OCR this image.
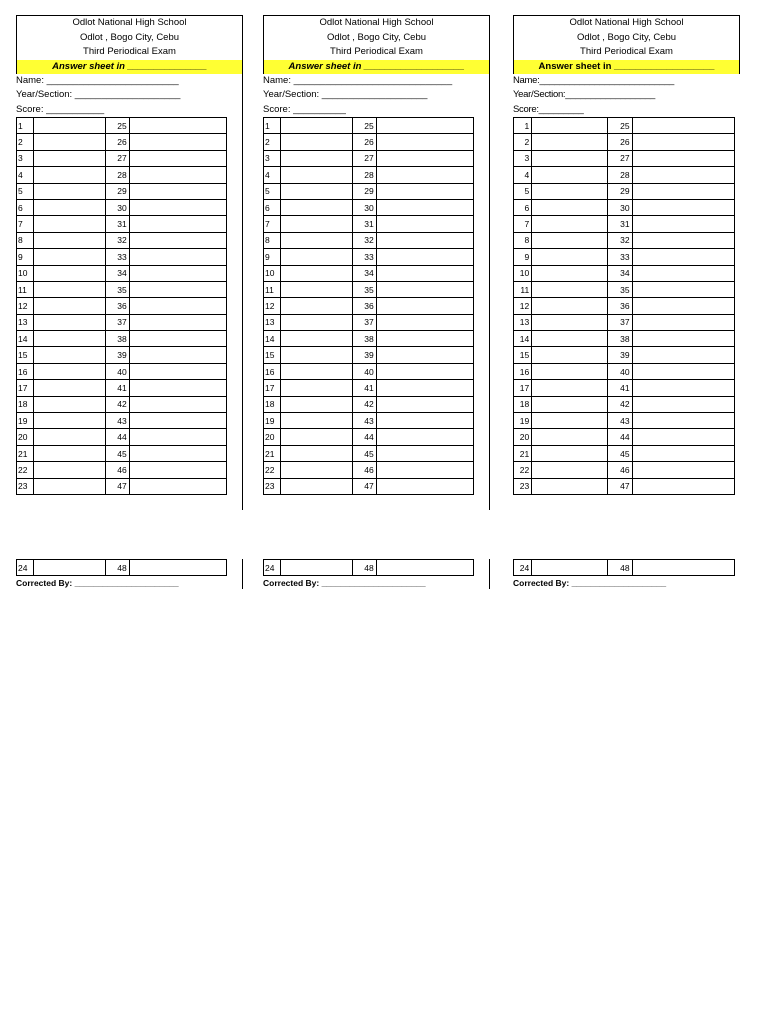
Odlot National High School
Odlot , Bogo City, Cebu
Third Periodical Exam
Answer sheet in _______________
Name: _________________________
Year/Section: ____________________
Score: ___________
1		25	
2		26	
3		27	
4		28	
5		29	
6		30	
7		31	
8		32	
9		33	
10		34	
11		35	
12		36	
13		37	
14		38	
15		39	
16		40	
17		41	
18		42	
19		43	
20		44	
21		45	
22		46	
23		47	
24		48	
Corrected By: ______________________
Odlot National High School
Odlot , Bogo City, Cebu
Third Periodical Exam
Answer sheet in ___________________
Name: ______________________________
Year/Section: ____________________
Score: __________
1		25	
2		26	
3		27	
4		28	
5		29	
6		30	
7		31	
8		32	
9		33	
10		34	
11		35	
12		36	
13		37	
14		38	
15		39	
16		40	
17		41	
18		42	
19		43	
20		44	
21		45	
22		46	
23		47	
24		48	
Corrected By: ______________________
Odlot National High School
Odlot , Bogo City, Cebu
Third Periodical Exam
Answer sheet in ___________________
Name:___________________________
Year/Section:__________________
Score:_________
1		25	
2		26	
3		27	
4		28	
5		29	
6		30	
7		31	
8		32	
9		33	
10		34	
11		35	
12		36	
13		37	
14		38	
15		39	
16		40	
17		41	
18		42	
19		43	
20		44	
21		45	
22		46	
23		47	
24		48	
Corrected By: ____________________
